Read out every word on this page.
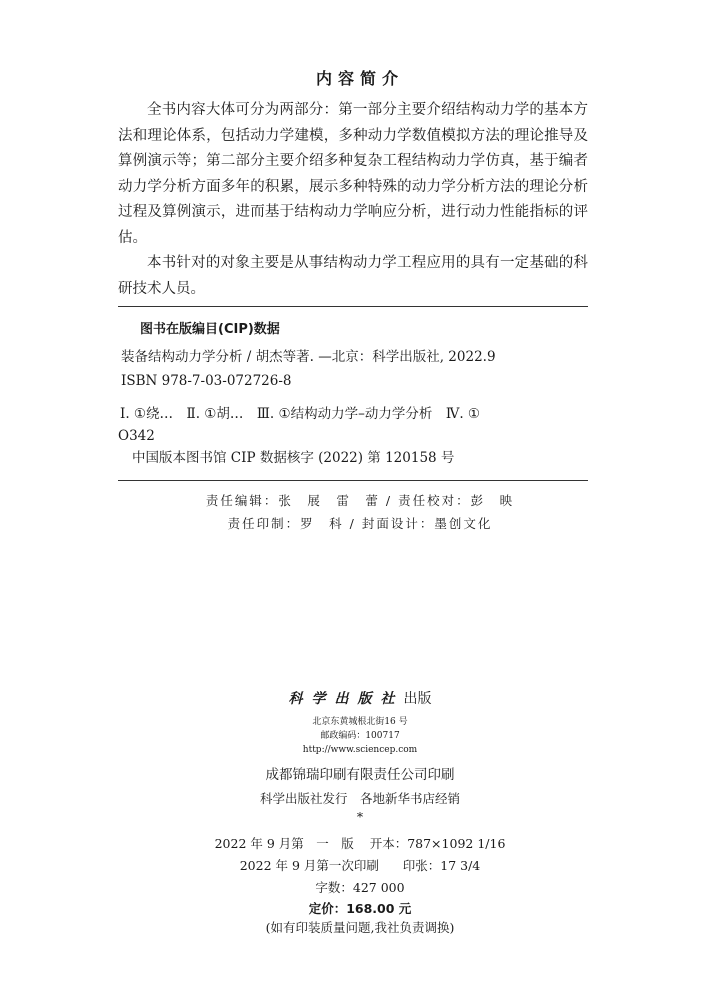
内容简介

全书内容大体可分为两部分：第一部分主要介绍结构动力学的基本方法和理论体系，包括动力学建模，多种动力学数值模拟方法的理论推导及算例演示等；第二部分主要介绍多种复杂工程结构动力学仿真，基于编者动力学分析方面多年的积累，展示多种特殊的动力学分析方法的理论分析过程及算例演示，进而基于结构动力学响应分析，进行动力性能指标的评估。

本书针对的对象主要是从事结构动力学工程应用的具有一定基础的科研技术人员。

图书在版编目(CIP)数据
装备结构动力学分析 / 胡杰等著. —北京：科学出版社, 2022.9
ISBN 978-7-03-072726-8
Ⅰ. ①绕…　Ⅱ. ①胡…　Ⅲ. ①结构动力学–动力学分析　Ⅳ. ①
O342
中国版本图书馆 CIP 数据核字 (2022) 第 120158 号
责任编辑：张　展　雷　蕾 / 责任校对：彭　映
责任印制：罗　科 / 封面设计：墨创文化
科学出版社出版
北京东黄城根北街16 号
邮政编码：100717
http://www.sciencep.com
成都锦瑞印刷有限责任公司印刷
科学出版社发行　各地新华书店经销
*
2022 年 9 月第　一　版 开本：787×1092 1/16
2022 年 9 月第一次印刷 印张：17 3/4
字数：427 000
定价：168.00 元
(如有印装质量问题,我社负责调换)
